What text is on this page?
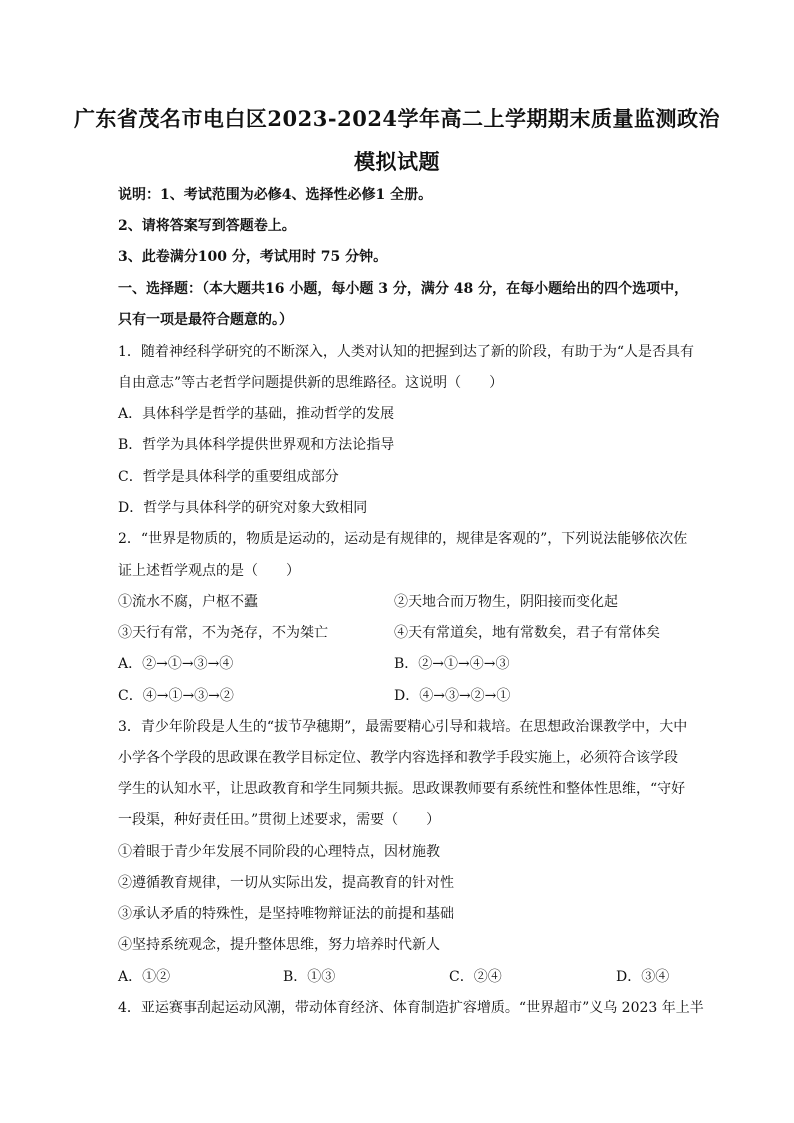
广东省茂名市电白区2023-2024学年高二上学期期末质量监测政治
模拟试题
说明：1、考试范围为必修4、选择性必修1 全册。
2、请将答案写到答题卷上。
3、此卷满分100 分，考试用时 75 分钟。
一、选择题：（本大题共16 小题，每小题 3 分，满分 48 分，在每小题给出的四个选项中，
只有一项是最符合题意的。）
1．随着神经科学研究的不断深入，人类对认知的把握到达了新的阶段，有助于为“人是否具有
自由意志”等古老哲学问题提供新的思维路径。这说明（　　）
A．具体科学是哲学的基础，推动哲学的发展
B．哲学为具体科学提供世界观和方法论指导
C．哲学是具体科学的重要组成部分
D．哲学与具体科学的研究对象大致相同
2．“世界是物质的，物质是运动的，运动是有规律的，规律是客观的”，下列说法能够依次佐
证上述哲学观点的是（　　）
①流水不腐，户枢不蠹	②天地合而万物生，阴阳接而变化起
③天行有常，不为尧存，不为桀亡	④天有常道矣，地有常数矣，君子有常体矣
A．②→①→③→④	B．②→①→④→③
C．④→①→③→②	D．④→③→②→①
3．青少年阶段是人生的“拔节孕穗期”，最需要精心引导和栽培。在思想政治课教学中，大中
小学各个学段的思政课在教学目标定位、教学内容选择和教学手段实施上，必须符合该学段
学生的认知水平，让思政教育和学生同频共振。思政课教师要有系统性和整体性思维，“守好
一段渠，种好责任田。”贯彻上述要求，需要（　　）
①着眼于青少年发展不同阶段的心理特点，因材施教
②遵循教育规律，一切从实际出发，提高教育的针对性
③承认矛盾的特殊性，是坚持唯物辩证法的前提和基础
④坚持系统观念，提升整体思维，努力培养时代新人
A．①②	B．①③	C．②④	D．③④
4．亚运赛事刮起运动风潮，带动体育经济、体育制造扩容增质。“世界超市”义乌 2023 年上半
